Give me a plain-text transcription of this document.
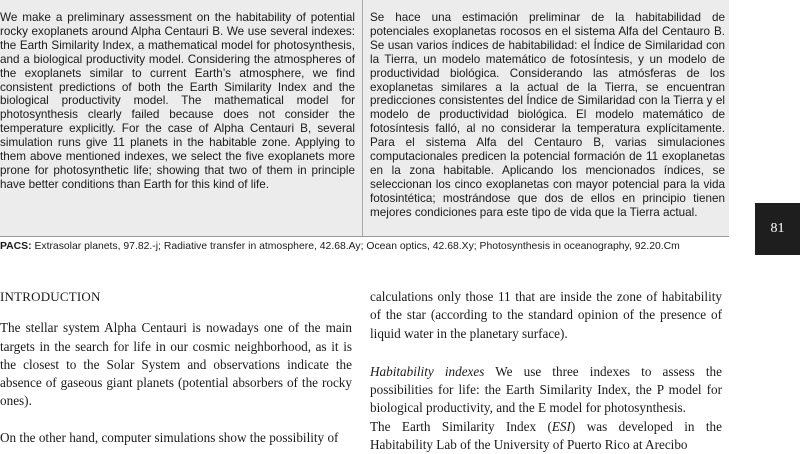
We make a preliminary assessment on the habitability of potential rocky exoplanets around Alpha Centauri B. We use several indexes: the Earth Similarity Index, a mathematical model for photosynthesis, and a biological productivity model. Considering the atmospheres of the exoplanets similar to current Earth’s atmosphere, we find consistent predictions of both the Earth Similarity Index and the biological productivity model. The mathematical model for photosynthesis clearly failed because does not consider the temperature explicitly. For the case of Alpha Centauri B, several simulation runs give 11 planets in the habitable zone. Applying to them above mentioned indexes, we select the five exoplanets more prone for photosynthetic life; showing that two of them in principle have better conditions than Earth for this kind of life.

Se hace una estimación preliminar de la habitabilidad de potenciales exoplanetas rocosos en el sistema Alfa del Centauro B. Se usan varios índices de habitabilidad: el Índice de Similaridad con la Tierra, un modelo matemático de fotosíntesis, y un modelo de productividad biológica. Considerando las atmósferas de los exoplanetas similares a la actual de la Tierra, se encuentran predicciones consistentes del Índice de Similaridad con la Tierra y el modelo de productividad biológica. El modelo matemático de fotosíntesis falló, al no considerar la temperatura explícitamente. Para el sistema Alfa del Centauro B, varias simulaciones computacionales predicen la potencial formación de 11 exoplanetas en la zona habitable. Aplicando los mencionados índices, se seleccionan los cinco exoplanetas con mayor potencial para la vida fotosintética; mostrándose que dos de ellos en principio tienen mejores condiciones para este tipo de vida que la Tierra actual.

81
PACS: Extrasolar planets, 97.82.-j; Radiative transfer in atmosphere, 42.68.Ay; Ocean optics, 42.68.Xy; Photosynthesis in oceanography, 92.20.Cm

INTRODUCTION

The stellar system Alpha Centauri is nowadays one of the main targets in the search for life in our cosmic neighborhood, as it is the closest to the Solar System and observations indicate the absence of gaseous giant planets (potential absorbers of the rocky ones).

On the other hand, computer simulations show the possibility of

calculations only those 11 that are inside the zone of habitability of the star (according to the standard opinion of the presence of liquid water in the planetary surface).

Habitability indexes We use three indexes to assess the possibilities for life: the Earth Similarity Index, the P model for biological productivity, and the E model for photosynthesis.

The Earth Similarity Index (ESI) was developed in the Habitability Lab of the University of Puerto Rico at Arecibo
